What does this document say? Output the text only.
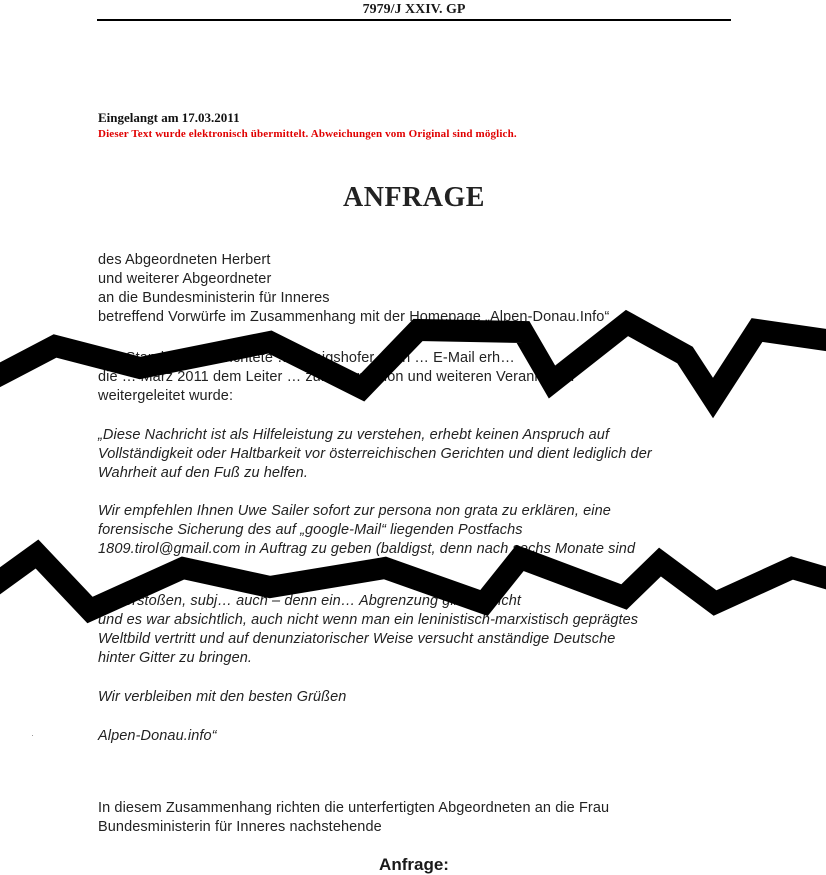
7979/J XXIV. GP
Eingelangt am 17.03.2011
Dieser Text wurde elektronisch übermittelt. Abweichungen vom Original sind möglich.
ANFRAGE
des Abgeordneten Herbert
und weiterer Abgeordneter
an die Bundesministerin für Inneres
betreffend Vorwürfe im Zusammenhang mit der Homepage „Alpen-Donau.Info“
Der Standard … berichtete … Königshofer nach … E-Mail erh…
die … März 2011 dem Leiter … zur Information und weiteren Veranlass…
weitergeleitet wurde:
„Diese Nachricht ist als Hilfeleistung zu verstehen, erhebt keinen Anspruch auf
Vollständigkeit oder Haltbarkeit vor österreichischen Gerichten und dient lediglich der
Wahrheit auf den Fuß zu helfen.
Wir empfehlen Ihnen Uwe Sailer sofort zur persona non grata zu erklären, eine
forensische Sicherung des auf „google-Mail“ liegenden Postfachs
1809.tirol@gmail.com in Auftrag zu geben (baldigst, denn nach sechs Monate sind
… verstoßen, subj… auch – denn ein… Abgrenzung gibt es nicht
und es war absichtlich, auch nicht wenn man ein leninistisch-marxistisch geprägtes
Weltbild vertritt und auf denunziatorischer Weise versucht anständige Deutsche
hinter Gitter zu bringen.
Wir verbleiben mit den besten Grüßen
Alpen-Donau.info“
In diesem Zusammenhang richten die unterfertigten Abgeordneten an die Frau
Bundesministerin für Inneres nachstehende
Anfrage:
